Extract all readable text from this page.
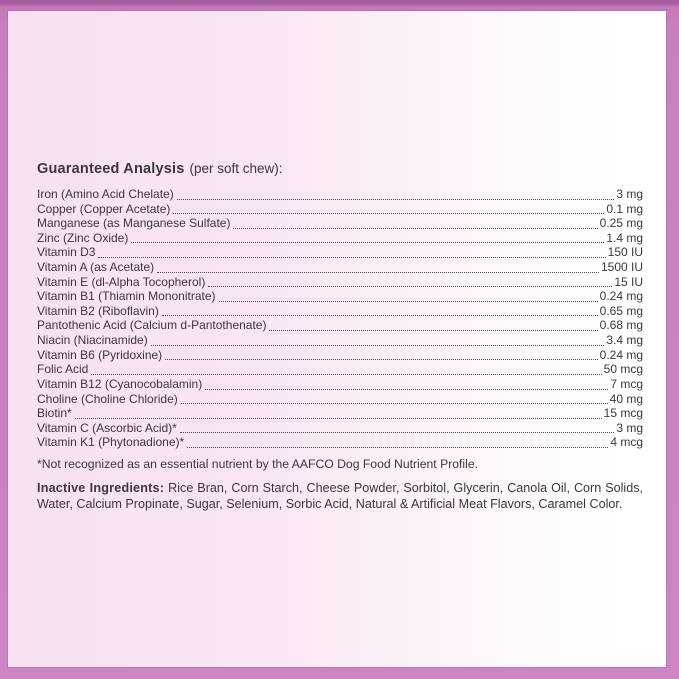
Guaranteed Analysis (per soft chew):
Iron (Amino Acid Chelate)	3 mg
Copper (Copper Acetate)	0.1 mg
Manganese (as Manganese Sulfate)	0.25 mg
Zinc (Zinc Oxide)	1.4 mg
Vitamin D3	150 IU
Vitamin A (as Acetate)	1500 IU
Vitamin E (dl-Alpha Tocopherol)	15 IU
Vitamin B1 (Thiamin Mononitrate)	0.24 mg
Vitamin B2 (Riboflavin)	0.65 mg
Pantothenic Acid (Calcium d-Pantothenate)	0.68 mg
Niacin (Niacinamide)	3.4 mg
Vitamin B6 (Pyridoxine)	0.24 mg
Folic Acid	50 mcg
Vitamin B12 (Cyanocobalamin)	7 mcg
Choline (Choline Chloride)	40 mg
Biotin*	15 mcg
Vitamin C (Ascorbic Acid)*	3 mg
Vitamin K1 (Phytonadione)*	4 mcg

*Not recognized as an essential nutrient by the AAFCO Dog Food Nutrient Profile.

Inactive Ingredients: Rice Bran, Corn Starch, Cheese Powder, Sorbitol, Glycerin, Canola Oil, Corn Solids, Water, Calcium Propinate, Sugar, Selenium, Sorbic Acid, Natural & Artificial Meat Flavors, Caramel Color.
